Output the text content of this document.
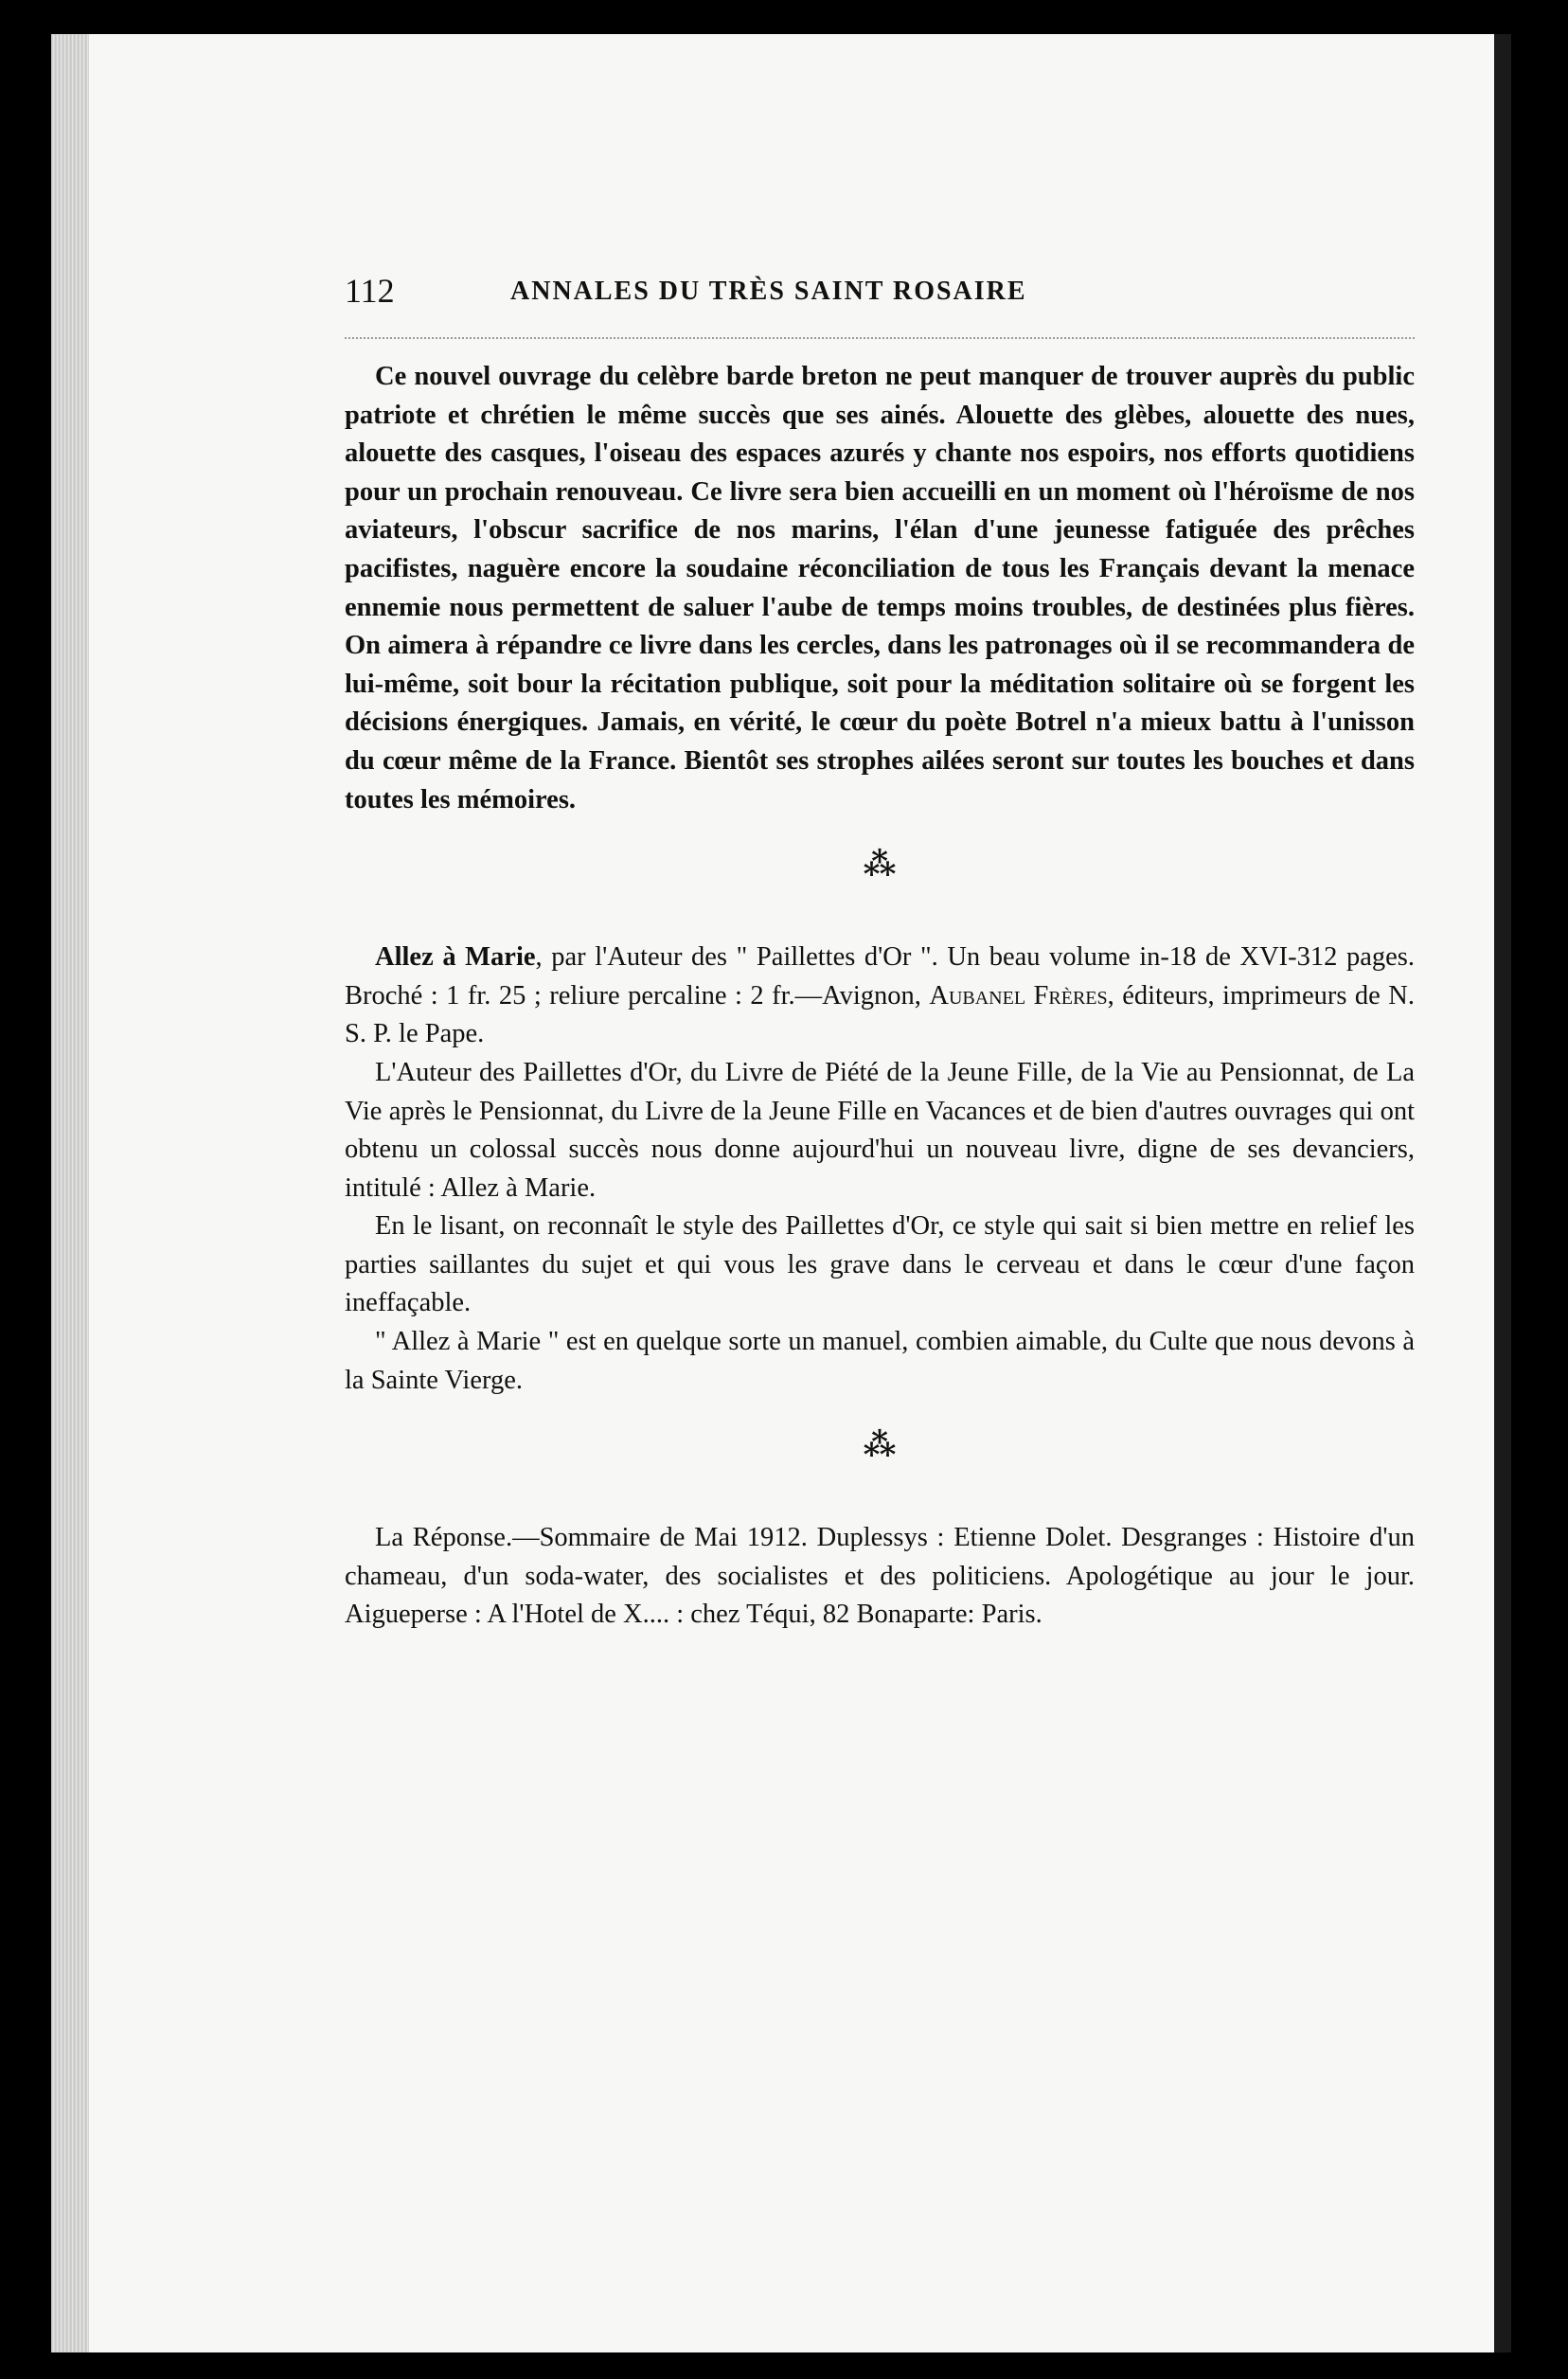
112	ANNALES DU TRÈS SAINT ROSAIRE

Ce nouvel ouvrage du celèbre barde breton ne peut manquer de trouver auprès du public patriote et chrétien le même succès que ses ainés. Alouette des glèbes, alouette des nues, alouette des casques, l'oiseau des espaces azurés y chante nos espoirs, nos efforts quotidiens pour un prochain renouveau. Ce livre sera bien accueilli en un moment où l'héroïsme de nos aviateurs, l'obscur sacrifice de nos marins, l'élan d'une jeunesse fatiguée des prêches pacifistes, naguère encore la soudaine réconciliation de tous les Français devant la menace ennemie nous permettent de saluer l'aube de temps moins troubles, de destinées plus fières. On aimera à répandre ce livre dans les cercles, dans les patronages où il se recommandera de lui-même, soit bour la récitation publique, soit pour la méditation solitaire où se forgent les décisions énergiques. Jamais, en vérité, le cœur du poète Botrel n'a mieux battu à l'unisson du cœur même de la France. Bientôt ses strophes ailées seront sur toutes les bouches et dans toutes les mémoires.

⁂

Allez à Marie, par l'Auteur des " Paillettes d'Or ". Un beau volume in-18 de XVI-312 pages. Broché : 1 fr. 25 ; reliure percaline : 2 fr.—Avignon, Aubanel Frères, éditeurs, imprimeurs de N. S. P. le Pape.

L'Auteur des Paillettes d'Or, du Livre de Piété de la Jeune Fille, de la Vie au Pensionnat, de La Vie après le Pensionnat, du Livre de la Jeune Fille en Vacances et de bien d'autres ouvrages qui ont obtenu un colossal succès nous donne aujourd'hui un nouveau livre, digne de ses devanciers, intitulé : Allez à Marie.

En le lisant, on reconnaît le style des Paillettes d'Or, ce style qui sait si bien mettre en relief les parties saillantes du sujet et qui vous les grave dans le cerveau et dans le cœur d'une façon ineffaçable.

" Allez à Marie " est en quelque sorte un manuel, combien aimable, du Culte que nous devons à la Sainte Vierge.

⁂

La Réponse.—Sommaire de Mai 1912. Duplessys : Etienne Dolet. Desgranges : Histoire d'un chameau, d'un soda-water, des socialistes et des politiciens. Apologétique au jour le jour. Aigueperse : A l'Hotel de X.... : chez Téqui, 82 Bonaparte: Paris.
